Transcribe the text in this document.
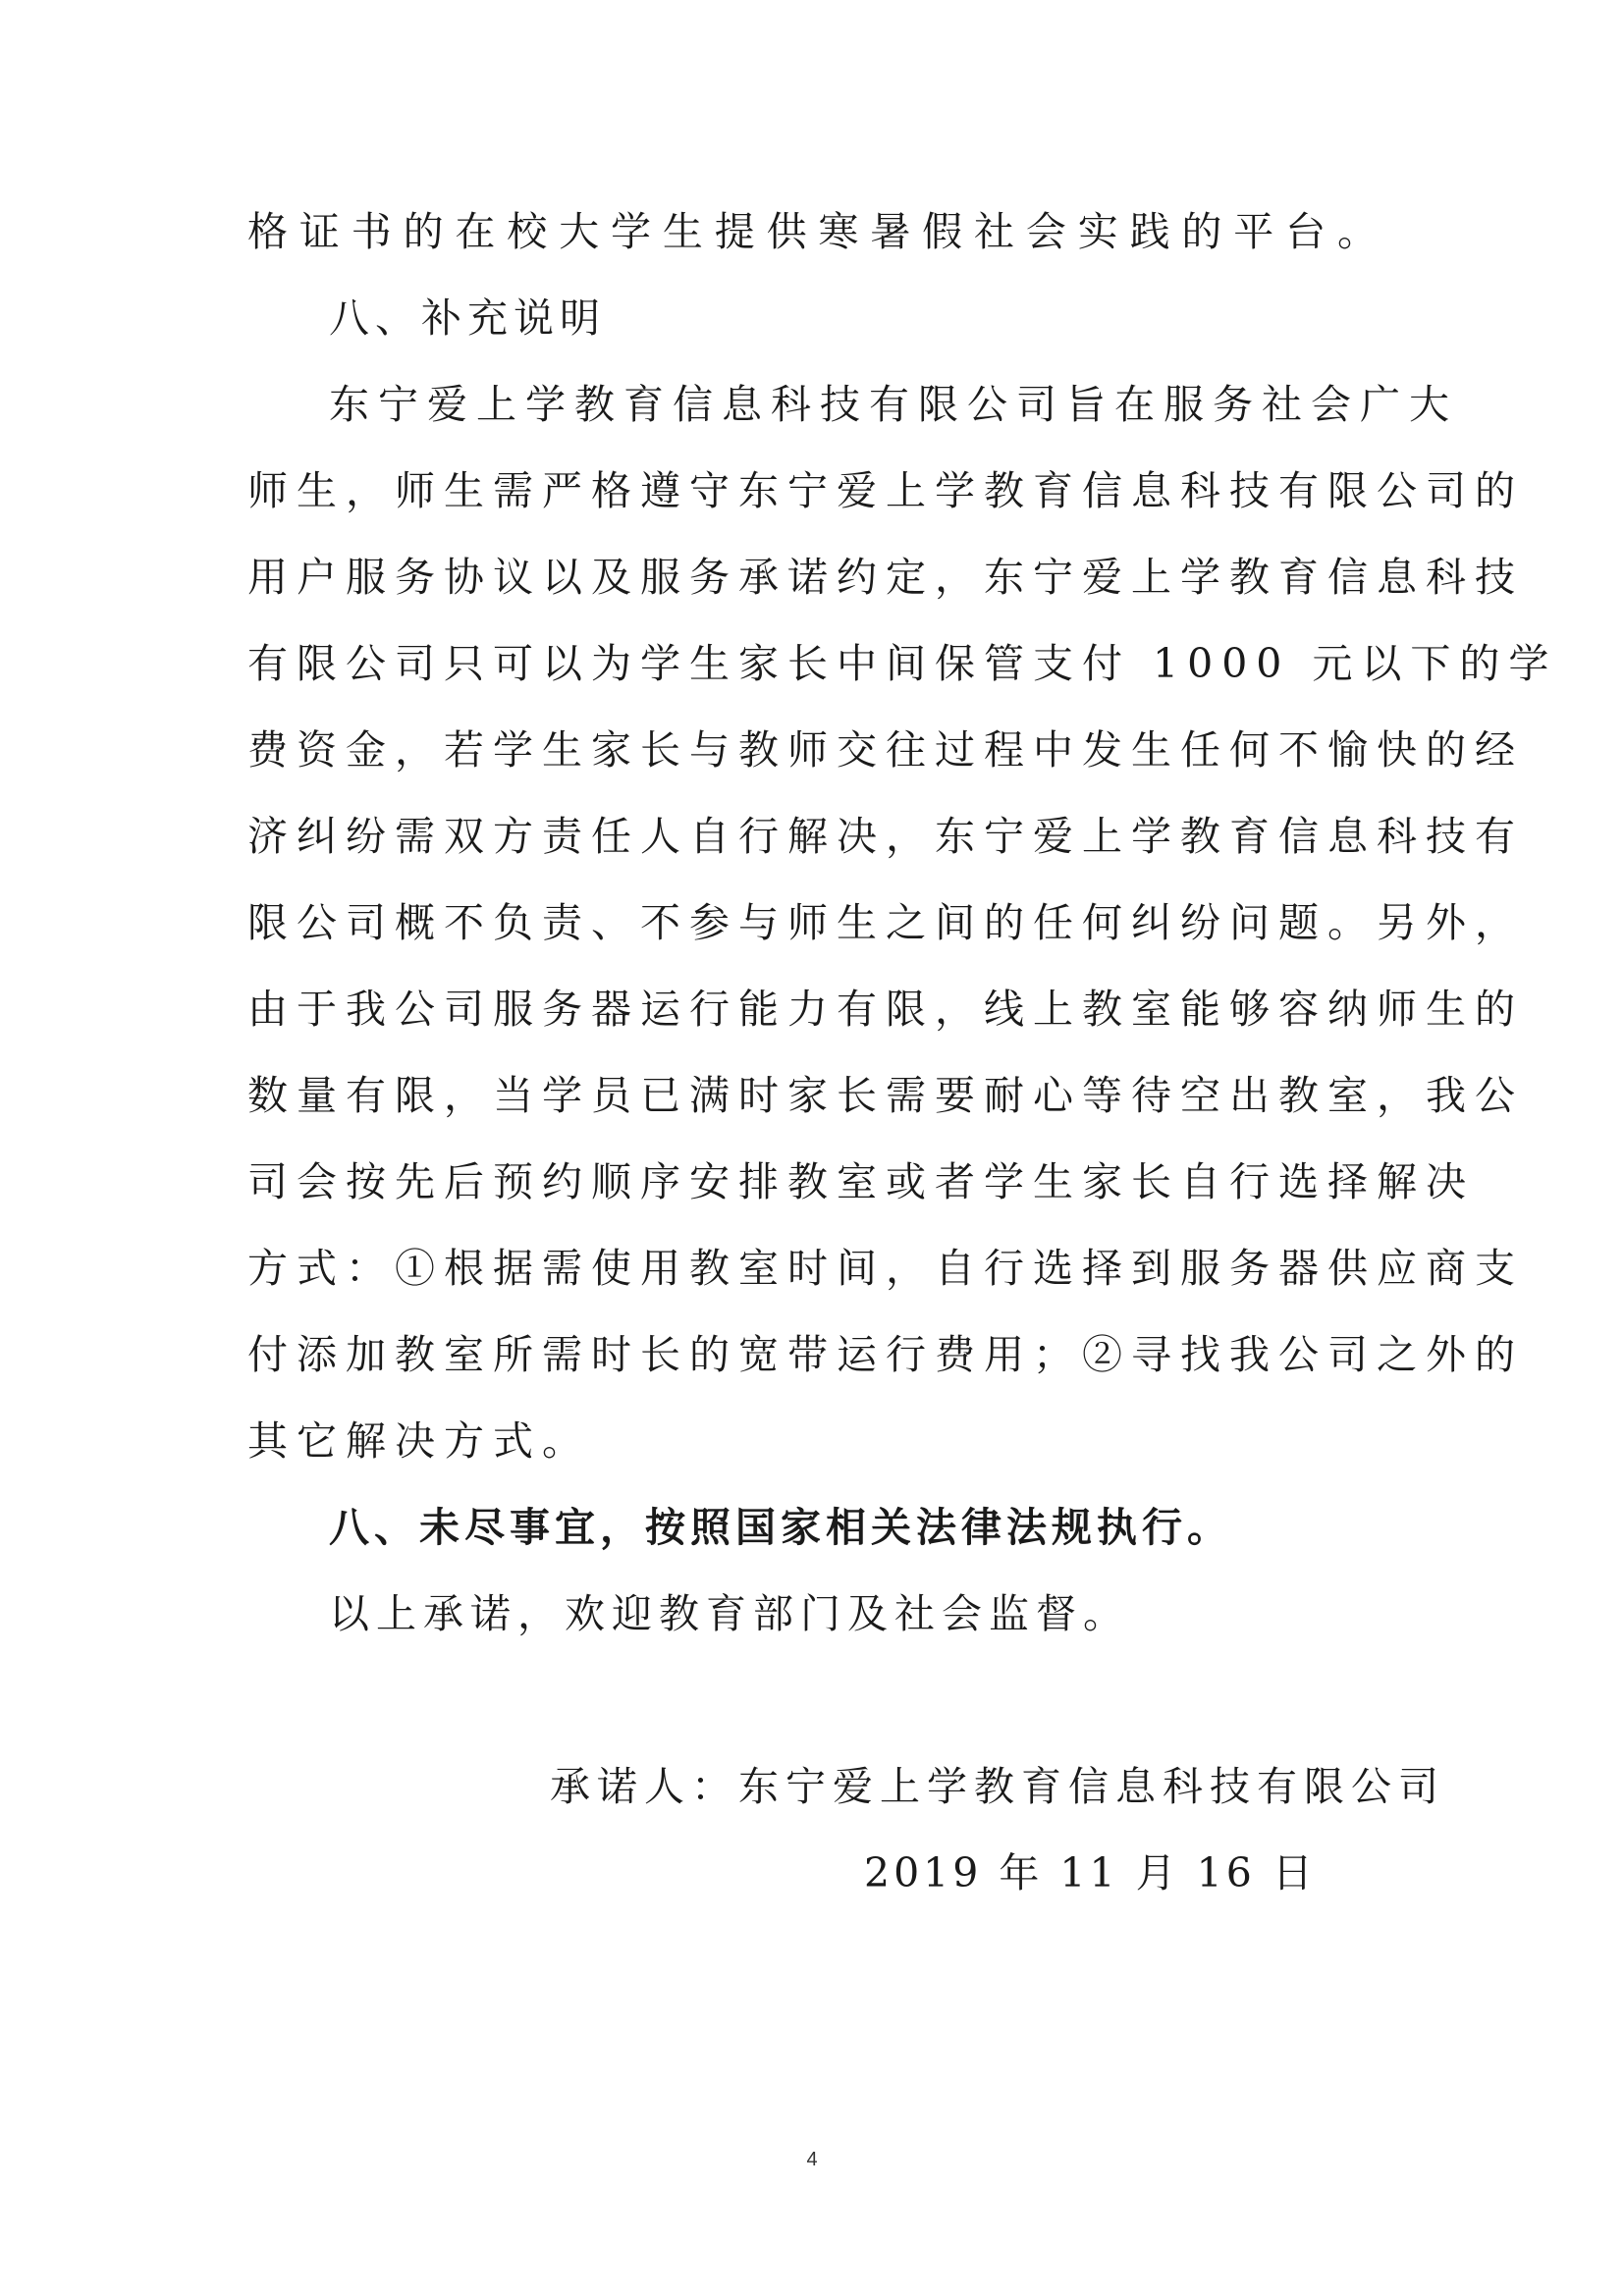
格证书的在校大学生提供寒暑假社会实践的平台。
八、补充说明
东宁爱上学教育信息科技有限公司旨在服务社会广大
师生，师生需严格遵守东宁爱上学教育信息科技有限公司的
用户服务协议以及服务承诺约定，东宁爱上学教育信息科技
有限公司只可以为学生家长中间保管支付 1000 元以下的学
费资金，若学生家长与教师交往过程中发生任何不愉快的经
济纠纷需双方责任人自行解决，东宁爱上学教育信息科技有
限公司概不负责、不参与师生之间的任何纠纷问题。另外，
由于我公司服务器运行能力有限，线上教室能够容纳师生的
数量有限，当学员已满时家长需要耐心等待空出教室，我公
司会按先后预约顺序安排教室或者学生家长自行选择解决
方式：①根据需使用教室时间，自行选择到服务器供应商支
付添加教室所需时长的宽带运行费用；②寻找我公司之外的
其它解决方式。
八、未尽事宜，按照国家相关法律法规执行。
以上承诺，欢迎教育部门及社会监督。
承诺人：东宁爱上学教育信息科技有限公司
2019 年 11 月 16 日
4
